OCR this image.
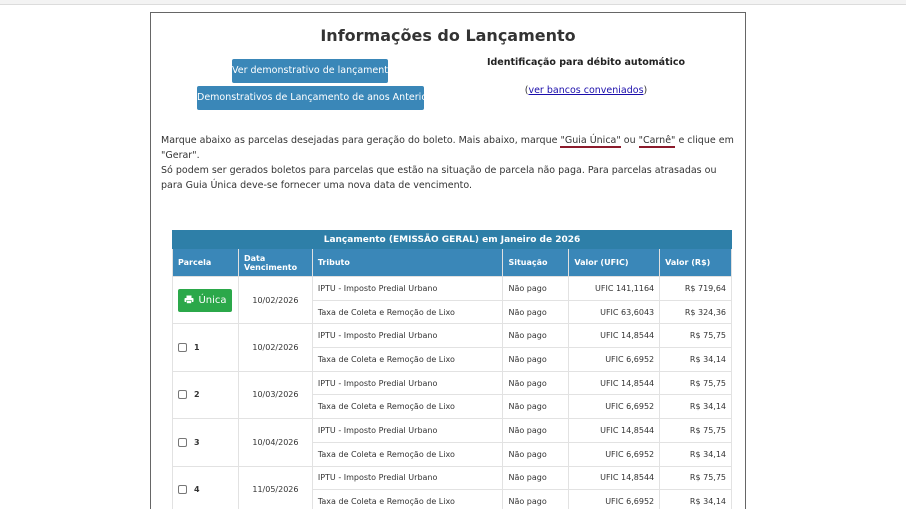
Informações do Lançamento
Ver demonstrativo de lançamento
Demonstrativos de Lançamento de anos Anteriores
Identificação para débito automático
(ver bancos conveniados)
Marque abaixo as parcelas desejadas para geração do boleto. Mais abaixo, marque "Guia Única" ou "Carnê" e clique em "Gerar".
Só podem ser gerados boletos para parcelas que estão na situação de parcela não paga. Para parcelas atrasadas ou para Guia Única deve-se fornecer uma nova data de vencimento.
Lançamento (EMISSÃO GERAL) em Janeiro de 2026					
Parcela	Data Vencimento	Tributo	Situação	Valor (UFIC)	Valor (R$)
Única	10/02/2026	IPTU - Imposto Predial Urbano	Não pago	UFIC 141,1164	R$ 719,64
		Taxa de Coleta e Remoção de Lixo	Não pago	UFIC 63,6043	R$ 324,36
1	10/02/2026	IPTU - Imposto Predial Urbano	Não pago	UFIC 14,8544	R$ 75,75
		Taxa de Coleta e Remoção de Lixo	Não pago	UFIC 6,6952	R$ 34,14
2	10/03/2026	IPTU - Imposto Predial Urbano	Não pago	UFIC 14,8544	R$ 75,75
		Taxa de Coleta e Remoção de Lixo	Não pago	UFIC 6,6952	R$ 34,14
3	10/04/2026	IPTU - Imposto Predial Urbano	Não pago	UFIC 14,8544	R$ 75,75
		Taxa de Coleta e Remoção de Lixo	Não pago	UFIC 6,6952	R$ 34,14
4	11/05/2026	IPTU - Imposto Predial Urbano	Não pago	UFIC 14,8544	R$ 75,75
		Taxa de Coleta e Remoção de Lixo	Não pago	UFIC 6,6952	R$ 34,14
